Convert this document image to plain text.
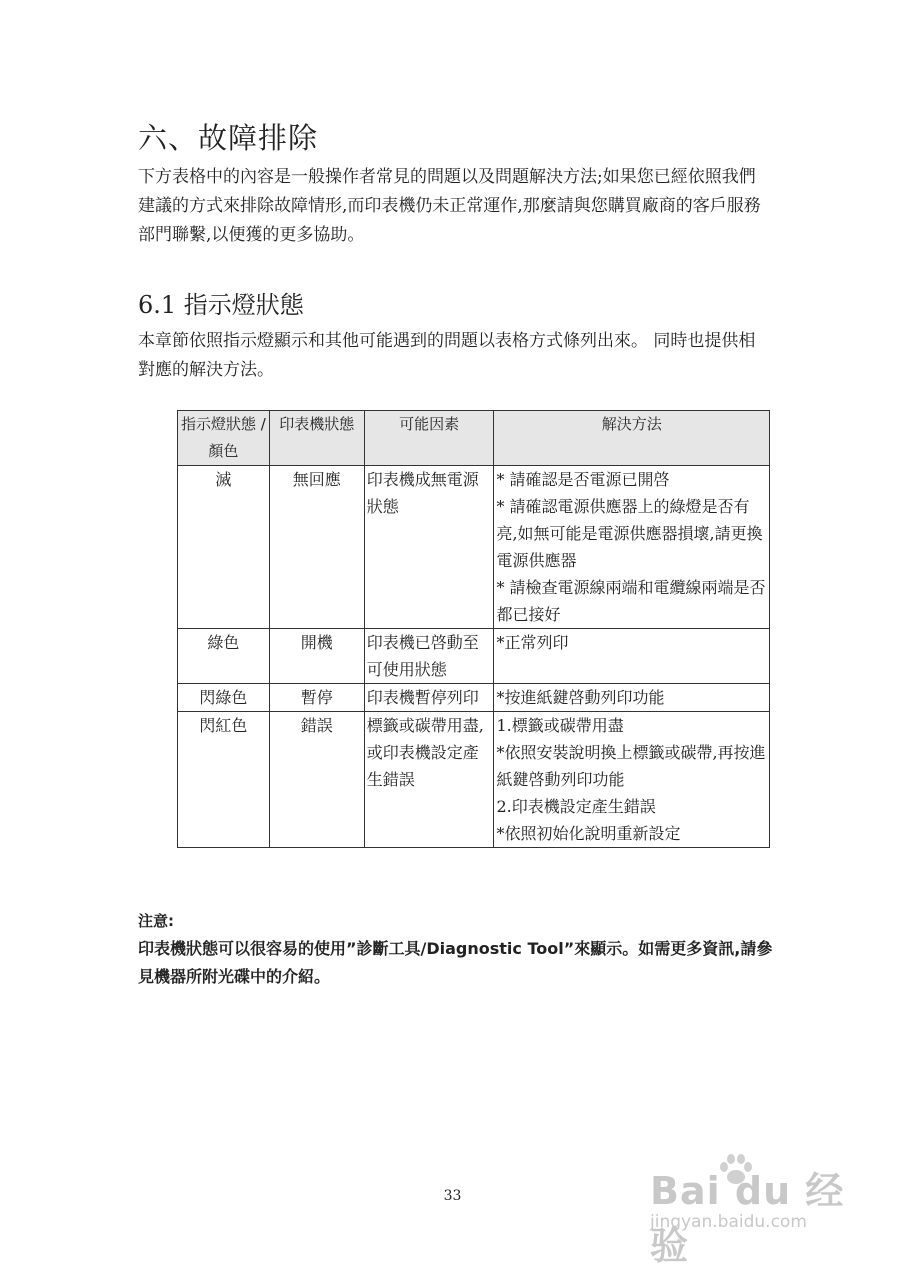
六、故障排除

下方表格中的內容是一般操作者常見的問題以及問題解決方法;如果您已經依照我們建議的方式來排除故障情形,而印表機仍未正常運作,那麼請與您購買廠商的客戶服務部門聯繫,以便獲的更多協助。

6.1 指示燈狀態

本章節依照指示燈顯示和其他可能遇到的問題以表格方式條列出來。 同時也提供相對應的解決方法。

指示燈狀態 / 顏色	印表機狀態	可能因素	解決方法
滅	無回應	印表機成無電源狀態	* 請確認是否電源已開啓
* 請確認電源供應器上的綠燈是否有亮,如無可能是電源供應器損壞,請更換電源供應器
* 請檢查電源線兩端和電纜線兩端是否都已接好

綠色	開機	印表機已啓動至可使用狀態	*正常列印

閃綠色	暫停	印表機暫停列印	*按進紙鍵啓動列印功能

閃紅色	錯誤	標籤或碳帶用盡,或印表機設定產生錯誤	1.標籤或碳帶用盡
*依照安裝說明換上標籤或碳帶,再按進紙鍵啓動列印功能
2.印表機設定產生錯誤
*依照初始化說明重新設定

注意:

印表機狀態可以很容易的使用”診斷工具/Diagnostic Tool”來顯示。如需更多資訊,請參見機器所附光碟中的介紹。

33	Bai du 经验
jingyan.baidu.com
